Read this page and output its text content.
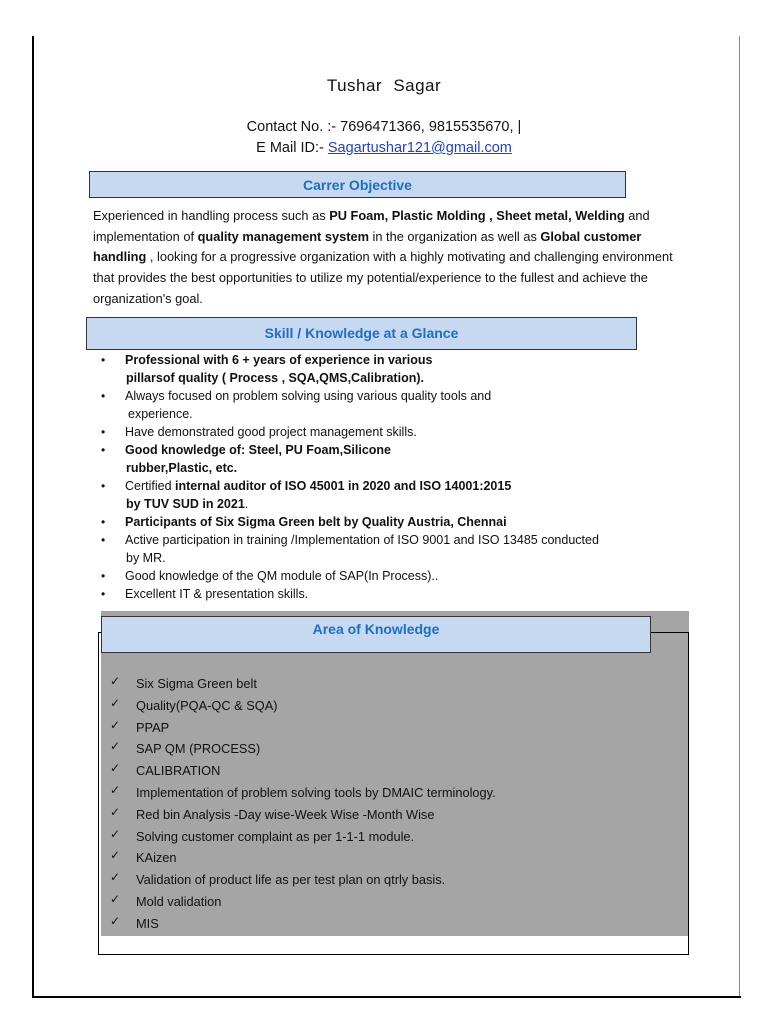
Tushar Sagar
Contact No. :- 7696471366, 9815535670, |
E Mail ID:- Sagartushar121@gmail.com
Carrer Objective
Experienced in handling process such as PU Foam, Plastic Molding , Sheet metal, Welding and implementation of quality management system in the organization as well as Global customer handling , looking for a progressive organization with a highly motivating and challenging environment that provides the best opportunities to utilize my potential/experience to the fullest and achieve the organization's goal.
Skill / Knowledge at a Glance
• Professional with 6 + years of experience in various
pillarsof quality ( Process , SQA,QMS,Calibration).
• Always focused on problem solving using various quality tools and
experience.
• Have demonstrated good project management skills.
• Good knowledge of: Steel, PU Foam,Silicone
rubber,Plastic, etc.
• Certified internal auditor of ISO 45001 in 2020 and ISO 14001:2015
by TUV SUD in 2021.
• Participants of Six Sigma Green belt by Quality Austria, Chennai
• Active participation in training /Implementation of ISO 9001 and ISO 13485 conducted
by MR.
• Good knowledge of the QM module of SAP(In Process)..
• Excellent IT & presentation skills.
Area of Knowledge
✓ Six Sigma Green belt
✓ Quality(PQA-QC & SQA)
✓ PPAP
✓ SAP QM (PROCESS)
✓ CALIBRATION
✓ Implementation of problem solving tools by DMAIC terminology.
✓ Red bin Analysis -Day wise-Week Wise -Month Wise
✓ Solving customer complaint as per 1-1-1 module.
✓ KAizen
✓ Validation of product life as per test plan on qtrly basis.
✓ Mold validation
✓ MIS
